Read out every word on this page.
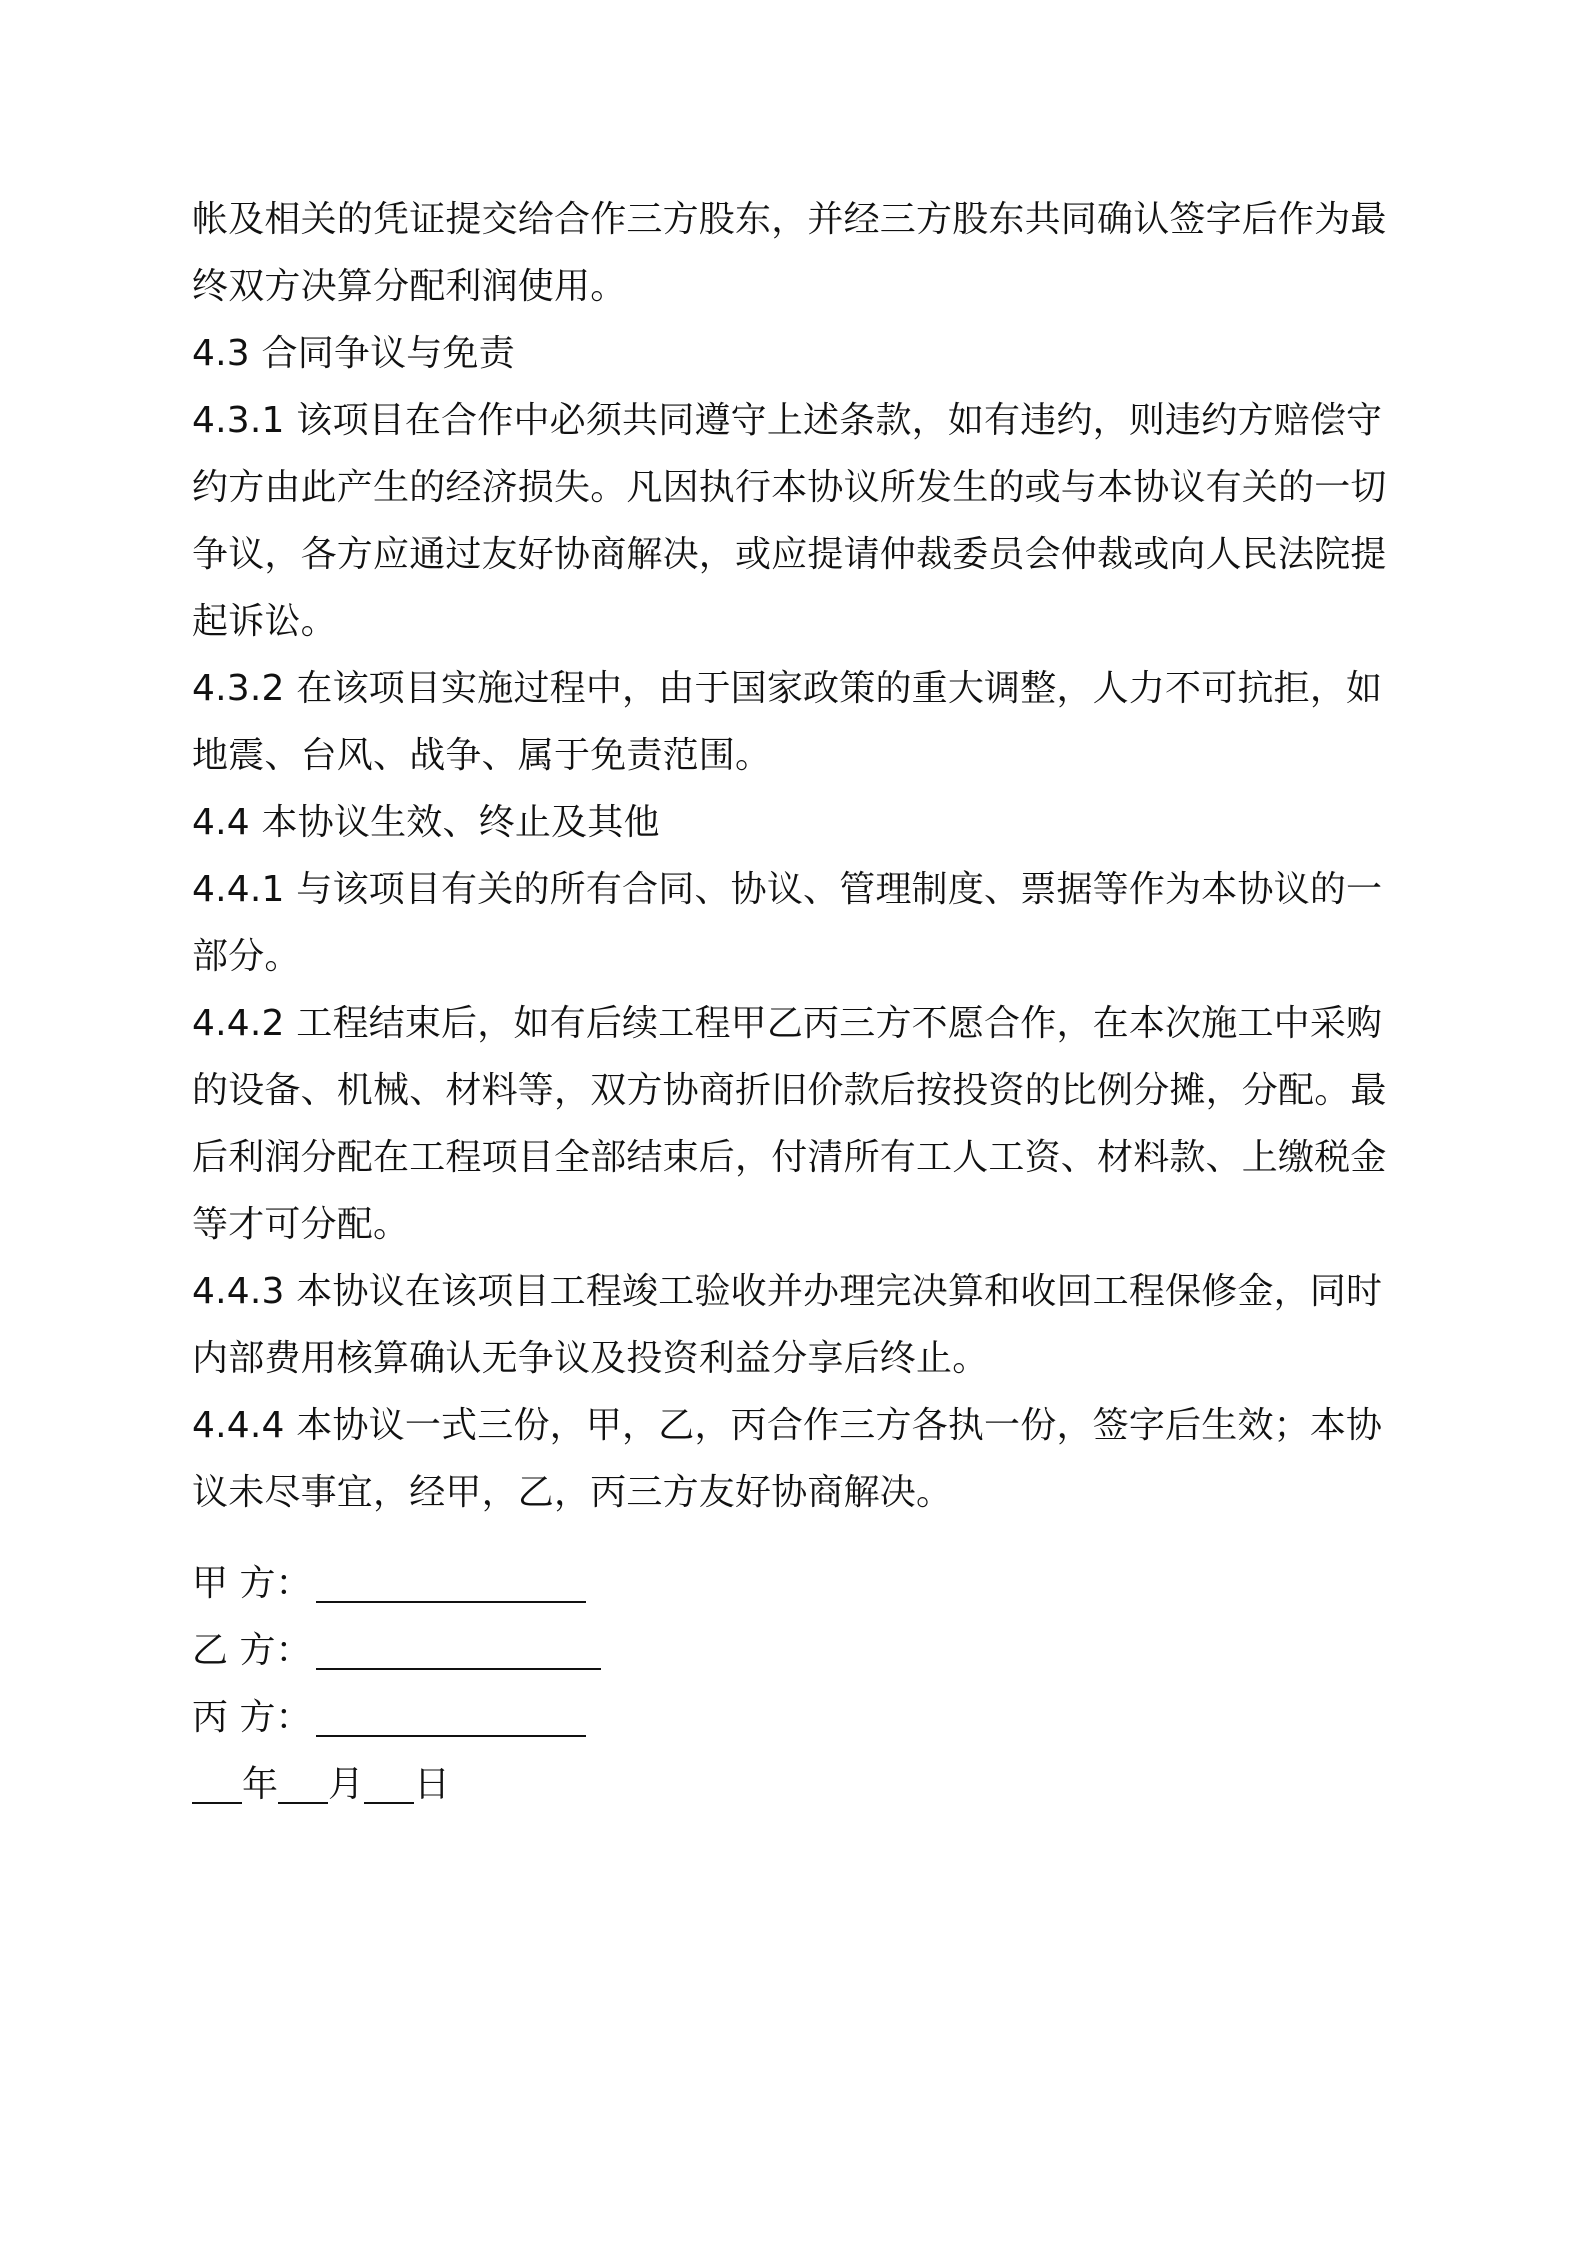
帐及相关的凭证提交给合作三方股东，并经三方股东共同确认签字后作为最终双方决算分配利润使用。

4.3 合同争议与免责

4.3.1 该项目在合作中必须共同遵守上述条款，如有违约，则违约方赔偿守约方由此产生的经济损失。凡因执行本协议所发生的或与本协议有关的一切争议，各方应通过友好协商解决，或应提请仲裁委员会仲裁或向人民法院提起诉讼。

4.3.2 在该项目实施过程中，由于国家政策的重大调整，人力不可抗拒，如地震、台风、战争、属于免责范围。

4.4 本协议生效、终止及其他

4.4.1 与该项目有关的所有合同、协议、管理制度、票据等作为本协议的一部分。

4.4.2 工程结束后，如有后续工程甲乙丙三方不愿合作，在本次施工中采购的设备、机械、材料等，双方协商折旧价款后按投资的比例分摊，分配。最后利润分配在工程项目全部结束后，付清所有工人工资、材料款、上缴税金等才可分配。

4.4.3 本协议在该项目工程竣工验收并办理完决算和收回工程保修金，同时内部费用核算确认无争议及投资利益分享后终止。

4.4.4 本协议一式三份，甲，乙，丙合作三方各执一份，签字后生效；本协议未尽事宜，经甲，乙，丙三方友好协商解决。

甲 方：
乙 方：
丙 方：
年 月 日
